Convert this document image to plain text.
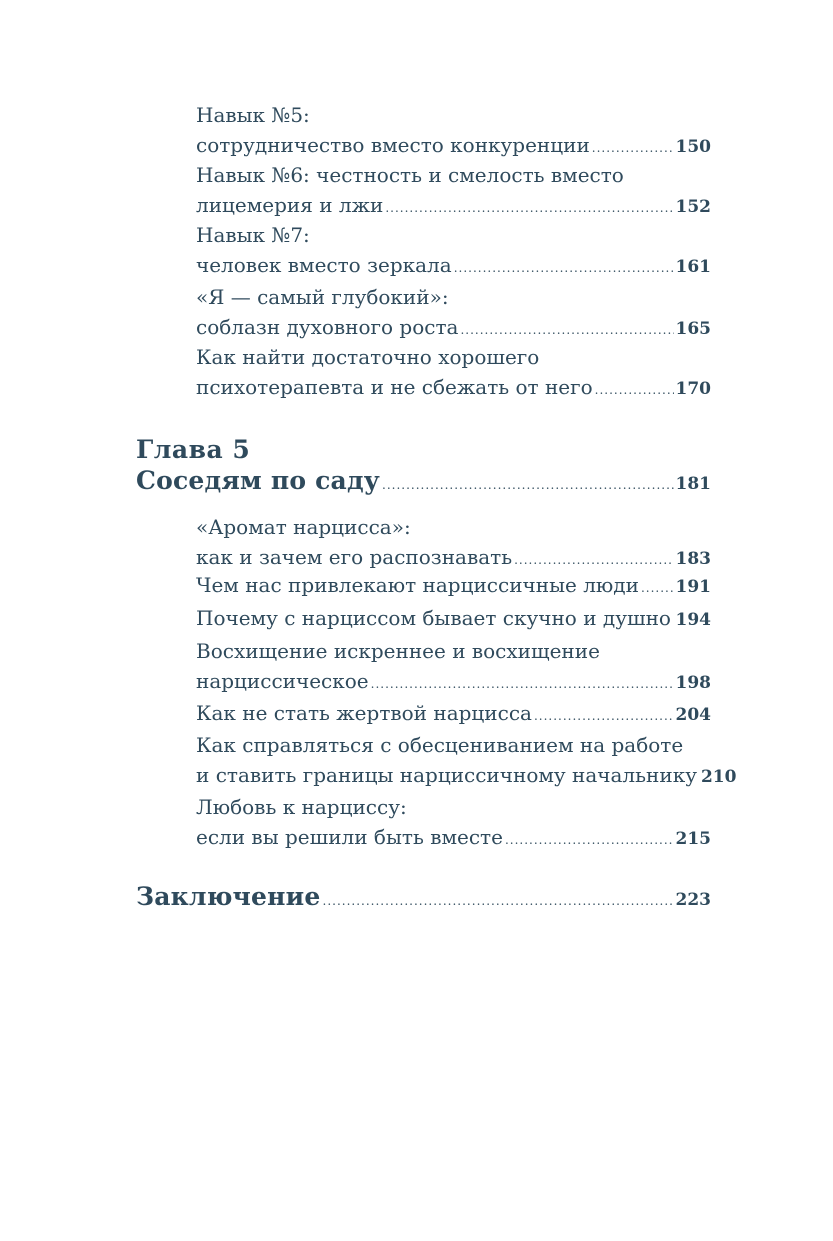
Навык №5:
сотрудничество вместо конкуренции .....	150
Навык №6: честность и смелость вместо
лицемерия и лжи .....	152
Навык №7:
человек вместо зеркала .....	161
«Я — самый глубокий»:
соблазн духовного роста .....	165
Как найти достаточно хорошего
психотерапевта и не сбежать от него .....	170
Глава 5
Соседям по саду .....	181
«Аромат нарцисса»:
как и зачем его распознавать .....	183
Чем нас привлекают нарциссичные люди ..... 191
Почему с нарциссом бывает скучно и душно ..... 194
Восхищение искреннее и восхищение
нарциссическое .....	198
Как не стать жертвой нарцисса .....	204
Как справляться с обесцениванием на работе
и ставить границы нарциссичному начальнику 210
Любовь к нарциссу:
если вы решили быть вместе .....	215
Заключение .....	223
